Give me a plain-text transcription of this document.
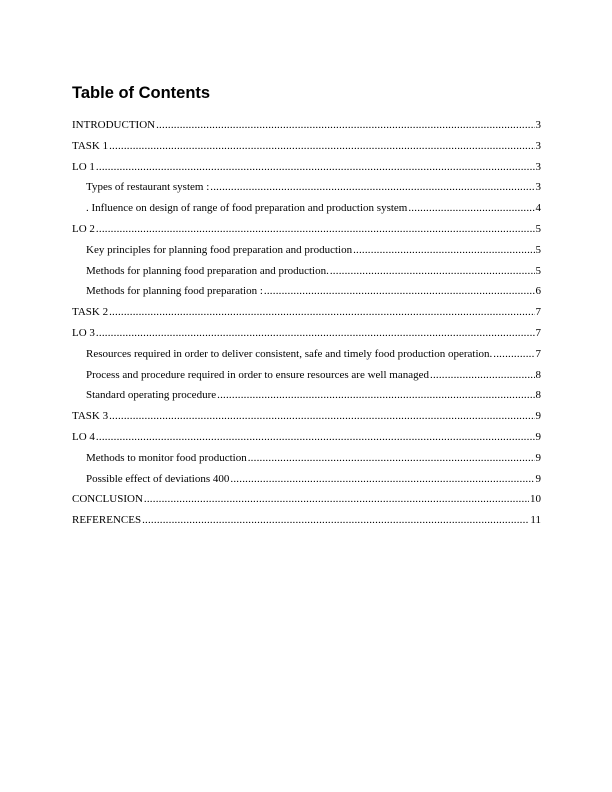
Table of Contents
INTRODUCTION .....	3
TASK 1 .....	3
LO 1 .....	3
Types of restaurant system : .....	3
. Influence on design of range of food preparation and production system .....	4
LO 2 .....	5
Key principles for planning food preparation and production .....	5
Methods for planning food preparation and production. .....	5
Methods for planning food preparation : .....	6
TASK 2 .....	7
LO 3 .....	7
Resources required in order to deliver consistent, safe and timely food production operation. .....	7
Process and procedure required in order to ensure resources are well managed .....	8
Standard operating procedure .....	8
TASK 3 .....	9
LO 4 .....	9
Methods to monitor food production .....	9
Possible effect of deviations 400 .....	9
CONCLUSION .....	10
REFERENCES .....	11
